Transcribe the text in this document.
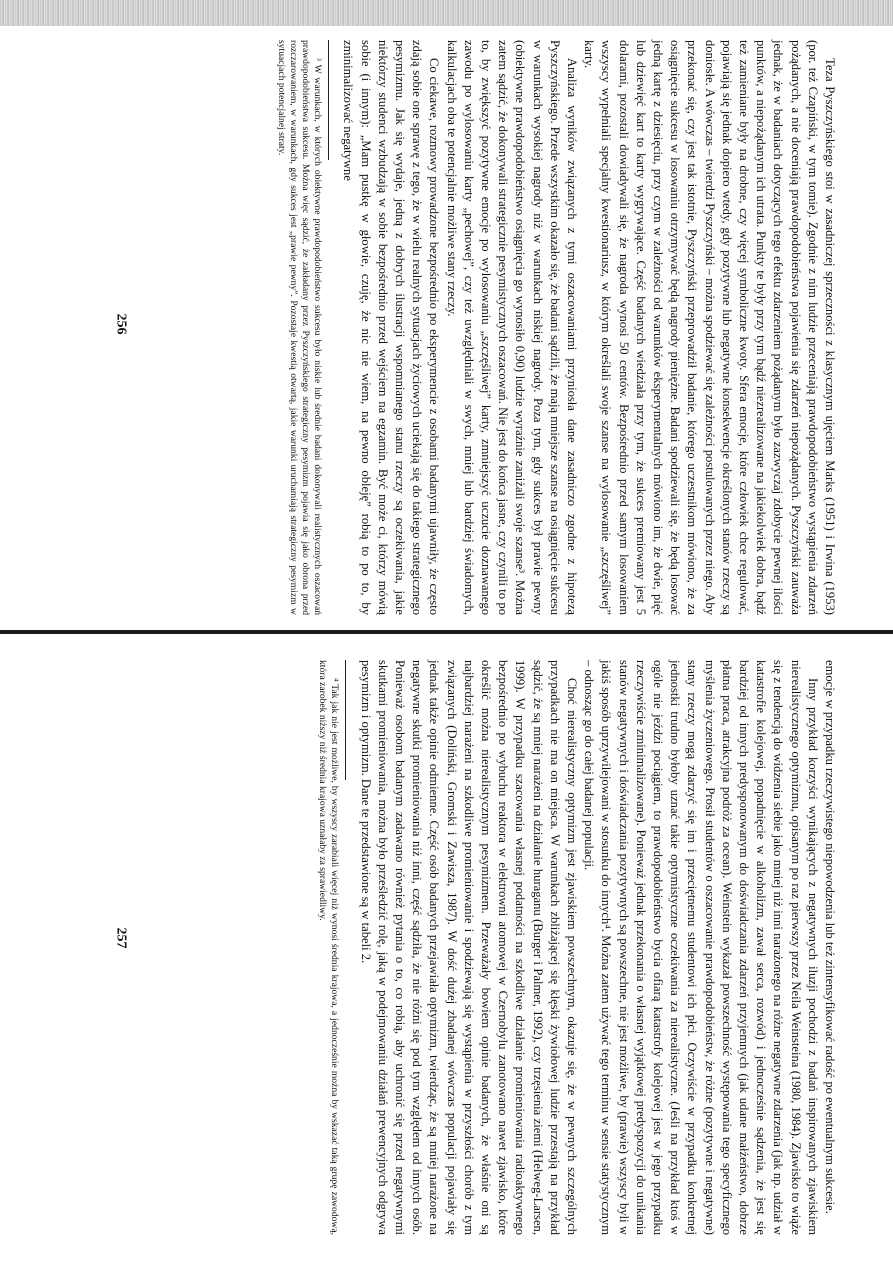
Teza Pyszczyńskiego stoi w zasadniczej sprzeczności z klasycznym ujęciem Marks (1951) i Irwina (1953) (por. też Czapiński, w tym tomie). Zgodnie z nim ludzie przeceniają prawdopodobieństwo wystąpienia zdarzeń pożądanych, a nie doceniają prawdopodobieństwa pojawienia się zdarzeń niepożądanych. Pyszczyński zauważa jednak, że w badaniach dotyczących tego efektu zdarzeniem pożądanym było zazwyczaj zdobycie pewnej ilości punktów, a niepożądanym ich utrata. Punkty te były przy tym bądź niezrealizowane na jakiekolwiek dobra, bądź też zamieniane były na drobne, czy więcej symboliczne kwoty. Sfera emocje, które człowiek chce regulować, pojawiają się jednak dopiero wtedy, gdy pozytywne lub negatywne konsekwencje określonych stanów rzeczy są doniosłe. A wówczas – twierdzi Pyszczyński – można spodziewać się zależności postulowanych przez niego. Aby przekonać się, czy jest tak istotnie, Pyszczyński przeprowadził badanie, którego uczestnikom mówiono, że za osiągnięcie sukcesu w losowaniu otrzymywać będą nagrody pieniężne. Badani spodziewali się, że będą losować jedną kartę z dziesięciu, przy czym w zależności od warunków eksperymentalnych mówiono im, że dwie, pięć lub dziewięć kart to karty wygrywające. Część badanych wiedziała przy tym, że sukces premiowany jest 5 dolarami, pozostali dowiadywali się, że nagroda wynosi 50 centów. Bezpośrednio przed samym losowaniem wszyscy wypełniali specjalny kwestionariusz, w którym określali swoje szanse na wylosowanie „szczęśliwej” karty.

Analiza wyników związanych z tymi oszacowaniami przyniosła dane zasadniczo zgodne z hipotezą Pyszczyńskiego. Przede wszystkim okazało się, że badani sądzili, że mają mniejsze szanse na osiągnięcie sukcesu w warunkach wysokiej nagrody niż w warunkach niskiej nagrody. Poza tym, gdy sukces był prawie pewny (obiektywne prawdopodobieństwo osiągnięcia go wynosiło 0,90) ludzie wyraźnie zaniżali swoje szanse³. Można zatem sądzić, że dokonywali strategicznie pesymistycznych oszacowań. Nie jest do końca jasne, czy czynili to po to, by zwiększyć pozytywne emocje po wylosowaniu „szczęśliwej” karty, zmniejszyć uczucie doznawanego zawodu po wylosowaniu karty „pechowej”, czy też uwzględniali w swych, mniej lub bardziej świadomych, kalkulacjach oba te potencjalnie możliwe stany rzeczy.

Co ciekawe, rozmowy prowadzone bezpośrednio po eksperymencie z osobami badanymi ujawniły, że często zdają sobie one sprawę z tego, że w wielu realnych sytuacjach życiowych uciekają się do takiego strategicznego pesymizmu. Jak się wydaje, jedną z dobrych ilustracji wspomnianego stanu rzeczy są oczekiwania, jakie niektórzy studenci wzbudzają w sobie bezpośrednio przed wejściem na egzamin. Być może ci, którzy mówią sobie (i innym): „Mam pustkę w głowie, czuję, że nic nie wiem, na pewno obleję” robią to po to, by zminimalizować negatywne

³ W warunkach, w których obiektywne prawdopodobieństwo sukcesu było niskie lub średnie badani dokonywali realistycznych oszacowań prawdopodobieństwa sukcesu. Można więc sądzić, że zakładany przez Pyszczyńskiego strategiczny pesymizm pojawia się jako obrona przed rozczarowaniem, w warunkach, gdy sukces jest „prawie pewny”. Pozostaje kwestią otwartą, jakie warunki uruchamiają strategiczny pesymizm w sytuacjach potencjalnej straty.

emocje w przypadku rzeczywistego niepowodzenia lub też zintensyfikować radość po ewentualnym sukcesie.

Inny przykład korzyści wynikających z negatywnych iluzji pochodzi z badań inspirowanych zjawiskiem nierealistycznego optymizmu, opisanym po raz pierwszy przez Neila Weinsteina (1980, 1984). Zjawisko to wiąże się z tendencją do widzenia siebie jako mniej niż inni narażonego na różne negatywne zdarzenia (jak np. udział w katastrofie kolejowej, popadnięcie w alkoholizm, zawał serca, rozwód) i jednocześnie sądzenia, że jest się bardziej od innych predysponowanym do doświadczania zdarzeń przyjemnych (jak udane małżeństwo, dobrze płatna praca, atrakcyjna podróż za ocean). Weinstein wykazał powszechność występowania tego specyficznego myślenia życzeniowego. Prosił studentów o oszacowanie prawdopodobieństw, że różne (pozytywne i negatywne) stany rzeczy mogą zdarzyć się im i przeciętnemu studentowi ich płci. Oczywiście w przypadku konkretnej jednostki trudno byłoby uznać takie optymistyczne oczekiwania za nierealistyczne. (Jeśli na przykład ktoś w ogóle nie jeździ pociągiem, to prawdopodobieństwo bycia ofiarą katastrofy kolejowej jest w jego przypadku rzeczywiście zminimalizowane). Ponieważ jednak przekonania o własnej wyjątkowej predyspozycji do unikania stanów negatywnych i doświadczania pozytywnych są powszechne, nie jest możliwe, by (prawie) wszyscy byli w jakiś sposób uprzywilejowani w stosunku do innych⁴. Można zatem używać tego terminu w sensie statystycznym – odnosząc go do całej badanej populacji.

Choć nierealistyczny optymizm jest zjawiskiem powszechnym, okazuje się, że w pewnych szczególnych przypadkach nie ma on miejsca. W warunkach zbliżającej się klęski żywiołowej ludzie przestają na przykład sądzić, że są mniej narażeni na działanie huraganu (Burger i Palmer, 1992), czy trzęsienia ziemi (Helweg-Larsen, 1999). W przypadku szacowania własnej podatności na szkodliwe działanie promieniowania radioaktywnego bezpośrednio po wybuchu reaktora w elektrowni atomowej w Czernobylu zanotowano nawet zjawisko, które określić można nierealistycznym pesymizmem. Przeważały bowiem opinie badanych, że właśnie oni są najbardziej narażeni na szkodliwe promieniowanie i spodziewają się wystąpienia w przyszłości chorób z tym związanych (Doliński, Gromski i Zawisza, 1987). W dość dużej zbadanej wówczas populacji pojawiały się jednak także opinie odmienne. Część osób badanych przejawiała optymizm, twierdząc, że są mniej narażone na negatywne skutki promieniowania niż inni, część sądziła, że nie różni się pod tym względem od innych osób. Ponieważ osobom badanym zadawano również pytania o to, co robią, aby uchronić się przed negatywnymi skutkami promieniowania, można było prześledzić rolę, jaką w podejmowaniu działań prewencyjnych odgrywa pesymizm i optymizm. Dane te przedstawione są w tabeli 2.

⁴ Tak jak nie jest możliwe, by wszyscy zarabiali więcej niż wynosi średnia krajowa, a jednocześnie można by wskazać taką grupę zawodową, która zarobek niższy niż średnia krajowa uznałaby za sprawiedliwy.

256
257
